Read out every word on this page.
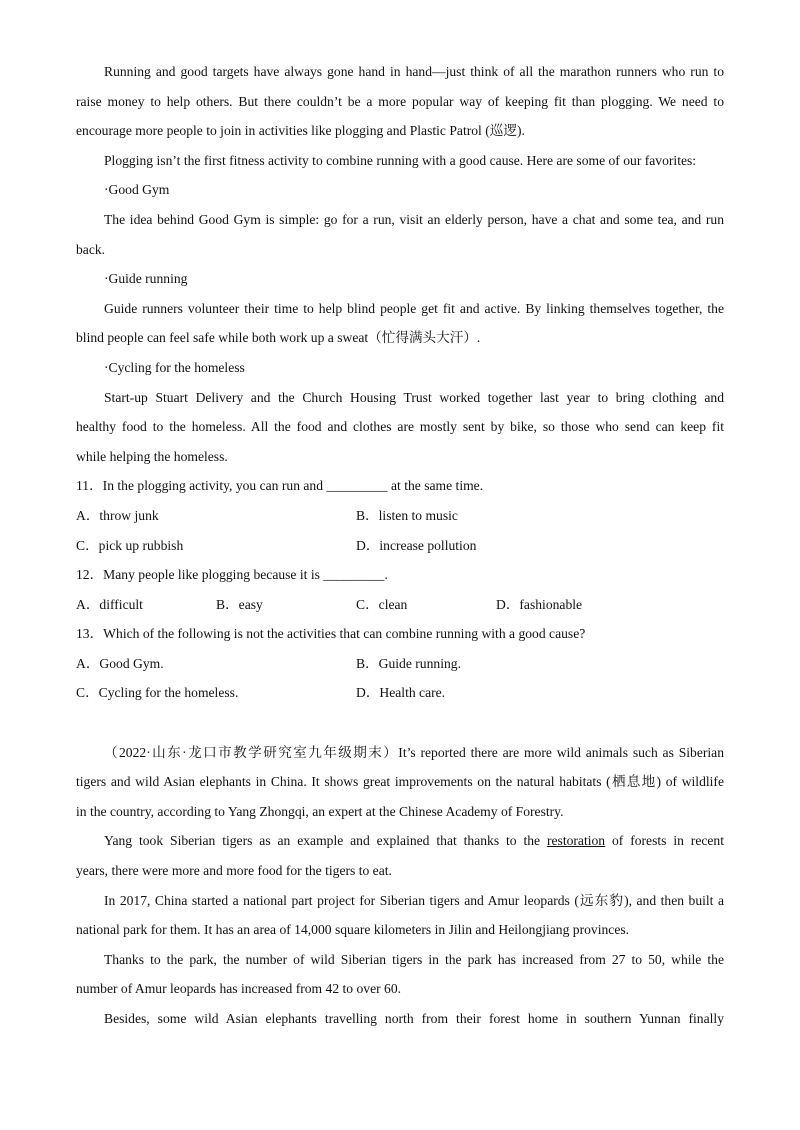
Running and good targets have always gone hand in hand—just think of all the marathon runners who run to
raise money to help others. But there couldn’t be a more popular way of keeping fit than plogging. We need to
encourage more people to join in activities like plogging and Plastic Patrol (巡逻).
Plogging isn’t the first fitness activity to combine running with a good cause. Here are some of our favorites:
·Good Gym
The idea behind Good Gym is simple: go for a run, visit an elderly person, have a chat and some tea, and run
back.
·Guide running
Guide runners volunteer their time to help blind people get fit and active. By linking themselves together, the
blind people can feel safe while both work up a sweat（忙得满头大汗）.
·Cycling for the homeless
Start-up Stuart Delivery and the Church Housing Trust worked together last year to bring clothing and
healthy food to the homeless. All the food and clothes are mostly sent by bike, so those who send can keep fit
while helping the homeless.
11．In the plogging activity, you can run and _________ at the same time.
A．throw junk	B．listen to music
C．pick up rubbish	D．increase pollution
12．Many people like plogging because it is _________.
A．difficult	B．easy	C．clean	D．fashionable
13．Which of the following is not the activities that can combine running with a good cause?
A．Good Gym.	B．Guide running.
C．Cycling for the homeless.	D．Health care.
（2022·山东·龙口市教学研究室九年级期末）It’s reported there are more wild animals such as Siberian
tigers and wild Asian elephants in China. It shows great improvements on the natural habitats (栖息地) of wildlife
in the country, according to Yang Zhongqi, an expert at the Chinese Academy of Forestry.
Yang took Siberian tigers as an example and explained that thanks to the restoration of forests in recent
years, there were more and more food for the tigers to eat.
In 2017, China started a national part project for Siberian tigers and Amur leopards (远东豹), and then built a
national park for them. It has an area of 14,000 square kilometers in Jilin and Heilongjiang provinces.
Thanks to the park, the number of wild Siberian tigers in the park has increased from 27 to 50, while the
number of Amur leopards has increased from 42 to over 60.
Besides, some wild Asian elephants travelling north from their forest home in southern Yunnan finally
